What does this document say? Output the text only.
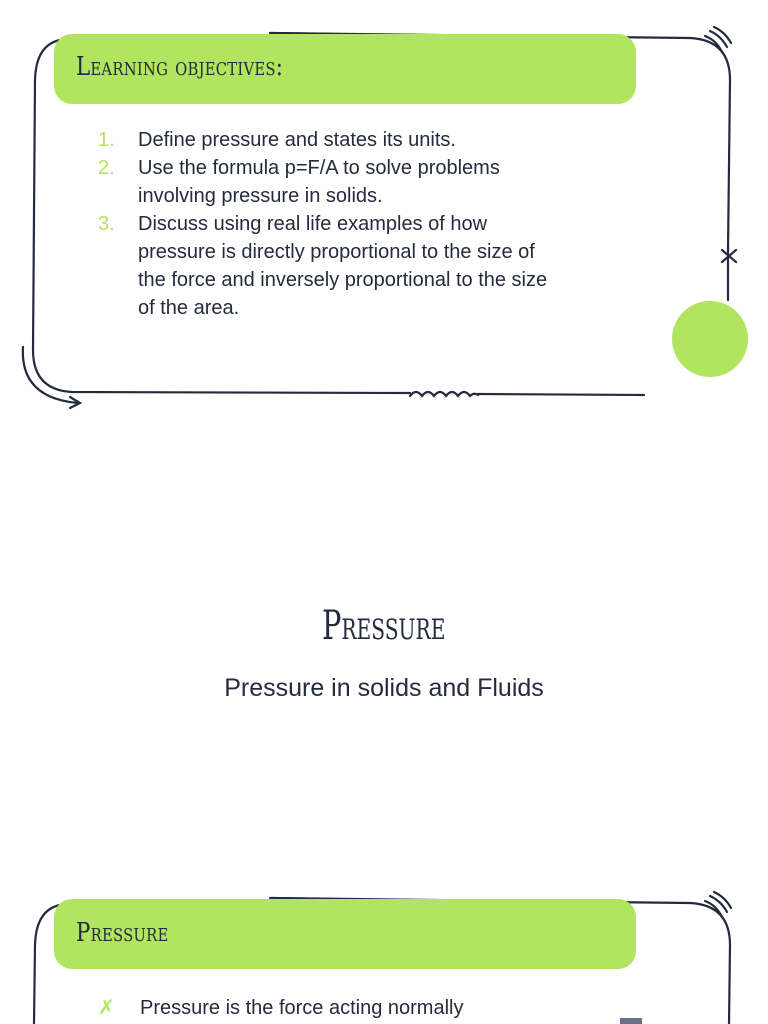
Learning objectives:
1. Define pressure and states its units.
2. Use the formula p=F/A to solve problems
involving pressure in solids.
3. Discuss using real life examples of how
pressure is directly proportional to the size of
the force and inversely proportional to the size
of the area.
Pressure
Pressure in solids and Fluids
Pressure
✗ Pressure is the force acting normally
